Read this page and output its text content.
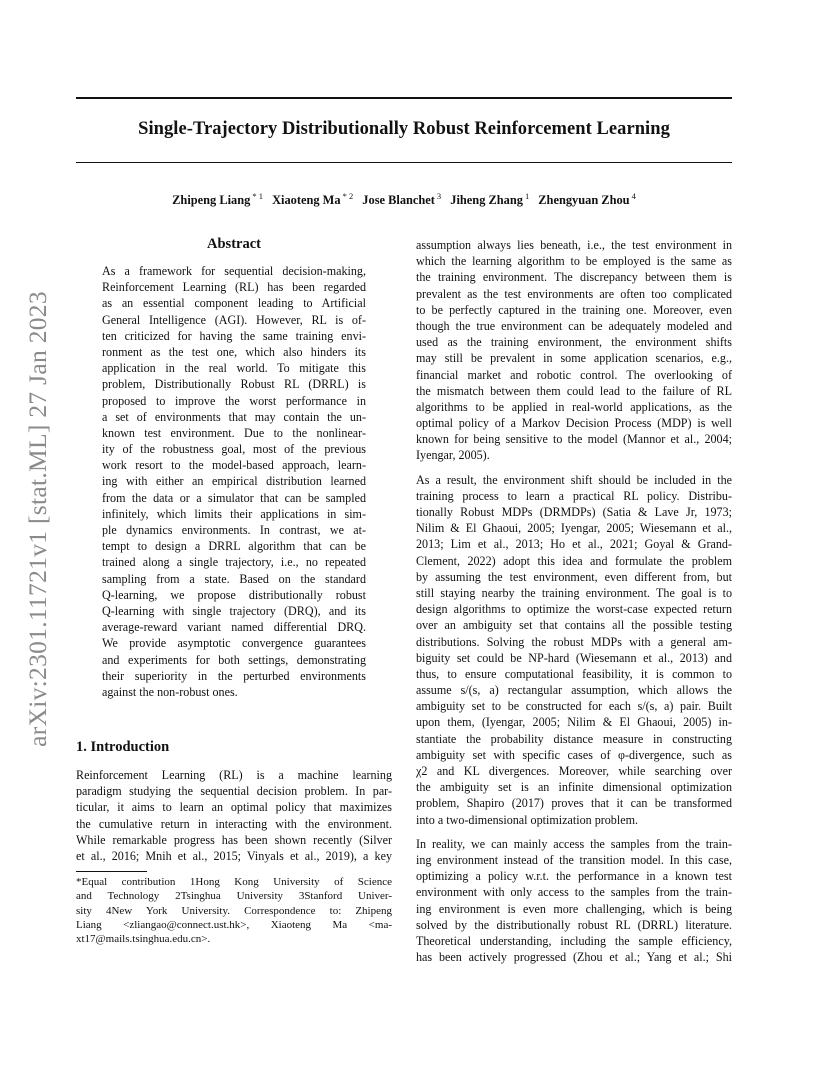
Single-Trajectory Distributionally Robust Reinforcement Learning
Zhipeng Liang $^{* 1}$ Xiaoteng Ma $^{* 2}$ Jose Blanchet $^3$ Jiheng Zhang $^1$ Zhengyuan Zhou $^4$
arXiv:2301.11721v1 [stat.ML] 27 Jan 2023
Abstract
As a framework for sequential decision-making,
Reinforcement Learning (RL) has been regarded
as an essential component leading to Artificial
General Intelligence (AGI). However, RL is of-
ten criticized for having the same training envi-
ronment as the test one, which also hinders its
application in the real world. To mitigate this
problem, Distributionally Robust RL (DRRL) is
proposed to improve the worst performance in
a set of environments that may contain the un-
known test environment. Due to the nonlinear-
ity of the robustness goal, most of the previous
work resort to the model-based approach, learn-
ing with either an empirical distribution learned
from the data or a simulator that can be sampled
infinitely, which limits their applications in sim-
ple dynamics environments. In contrast, we at-
tempt to design a DRRL algorithm that can be
trained along a single trajectory, i.e., no repeated
sampling from a state. Based on the standard
Q-learning, we propose distributionally robust
Q-learning with single trajectory (DRQ), and its
average-reward variant named differential DRQ.
We provide asymptotic convergence guarantees
and experiments for both settings, demonstrating
their superiority in the perturbed environments
against the non-robust ones.
1. Introduction
Reinforcement Learning (RL) is a machine learning
paradigm studying the sequential decision problem. In par-
ticular, it aims to learn an optimal policy that maximizes
the cumulative return in interacting with the environment.
While remarkable progress has been shown recently (Silver
et al., 2016; Mnih et al., 2015; Vinyals et al., 2019), a key
*Equal contribution 1Hong Kong University of Science
and Technology 2Tsinghua University 3Stanford Univer-
sity 4New York University. Correspondence to: Zhipeng
Liang <zliangao@connect.ust.hk>, Xiaoteng Ma <ma-
xt17@mails.tsinghua.edu.cn>.
assumption always lies beneath, i.e., the test environment in
which the learning algorithm to be employed is the same as
the training environment. The discrepancy between them is
prevalent as the test environments are often too complicated
to be perfectly captured in the training one. Moreover, even
though the true environment can be adequately modeled and
used as the training environment, the environment shifts
may still be prevalent in some application scenarios, e.g.,
financial market and robotic control. The overlooking of
the mismatch between them could lead to the failure of RL
algorithms to be applied in real-world applications, as the
optimal policy of a Markov Decision Process (MDP) is well
known for being sensitive to the model (Mannor et al., 2004;
Iyengar, 2005).
As a result, the environment shift should be included in the
training process to learn a practical RL policy. Distribu-
tionally Robust MDPs (DRMDPs) (Satia & Lave Jr, 1973;
Nilim & El Ghaoui, 2005; Iyengar, 2005; Wiesemann et al.,
2013; Lim et al., 2013; Ho et al., 2021; Goyal & Grand-
Clement, 2022) adopt this idea and formulate the problem
by assuming the test environment, even different from, but
still staying nearby the training environment. The goal is to
design algorithms to optimize the worst-case expected return
over an ambiguity set that contains all the possible testing
distributions. Solving the robust MDPs with a general am-
biguity set could be NP-hard (Wiesemann et al., 2013) and
thus, to ensure computational feasibility, it is common to
assume s/(s, a) rectangular assumption, which allows the
ambiguity set to be constructed for each s/(s, a) pair. Built
upon them, (Iyengar, 2005; Nilim & El Ghaoui, 2005) in-
stantiate the probability distance measure in constructing
ambiguity set with specific cases of φ-divergence, such as
χ2 and KL divergences. Moreover, while searching over
the ambiguity set is an infinite dimensional optimization
problem, Shapiro (2017) proves that it can be transformed
into a two-dimensional optimization problem.
In reality, we can mainly access the samples from the train-
ing environment instead of the transition model. In this case,
optimizing a policy w.r.t. the performance in a known test
environment with only access to the samples from the train-
ing environment is even more challenging, which is being
solved by the distributionally robust RL (DRRL) literature.
Theoretical understanding, including the sample efficiency,
has been actively progressed (Zhou et al.; Yang et al.; Shi
